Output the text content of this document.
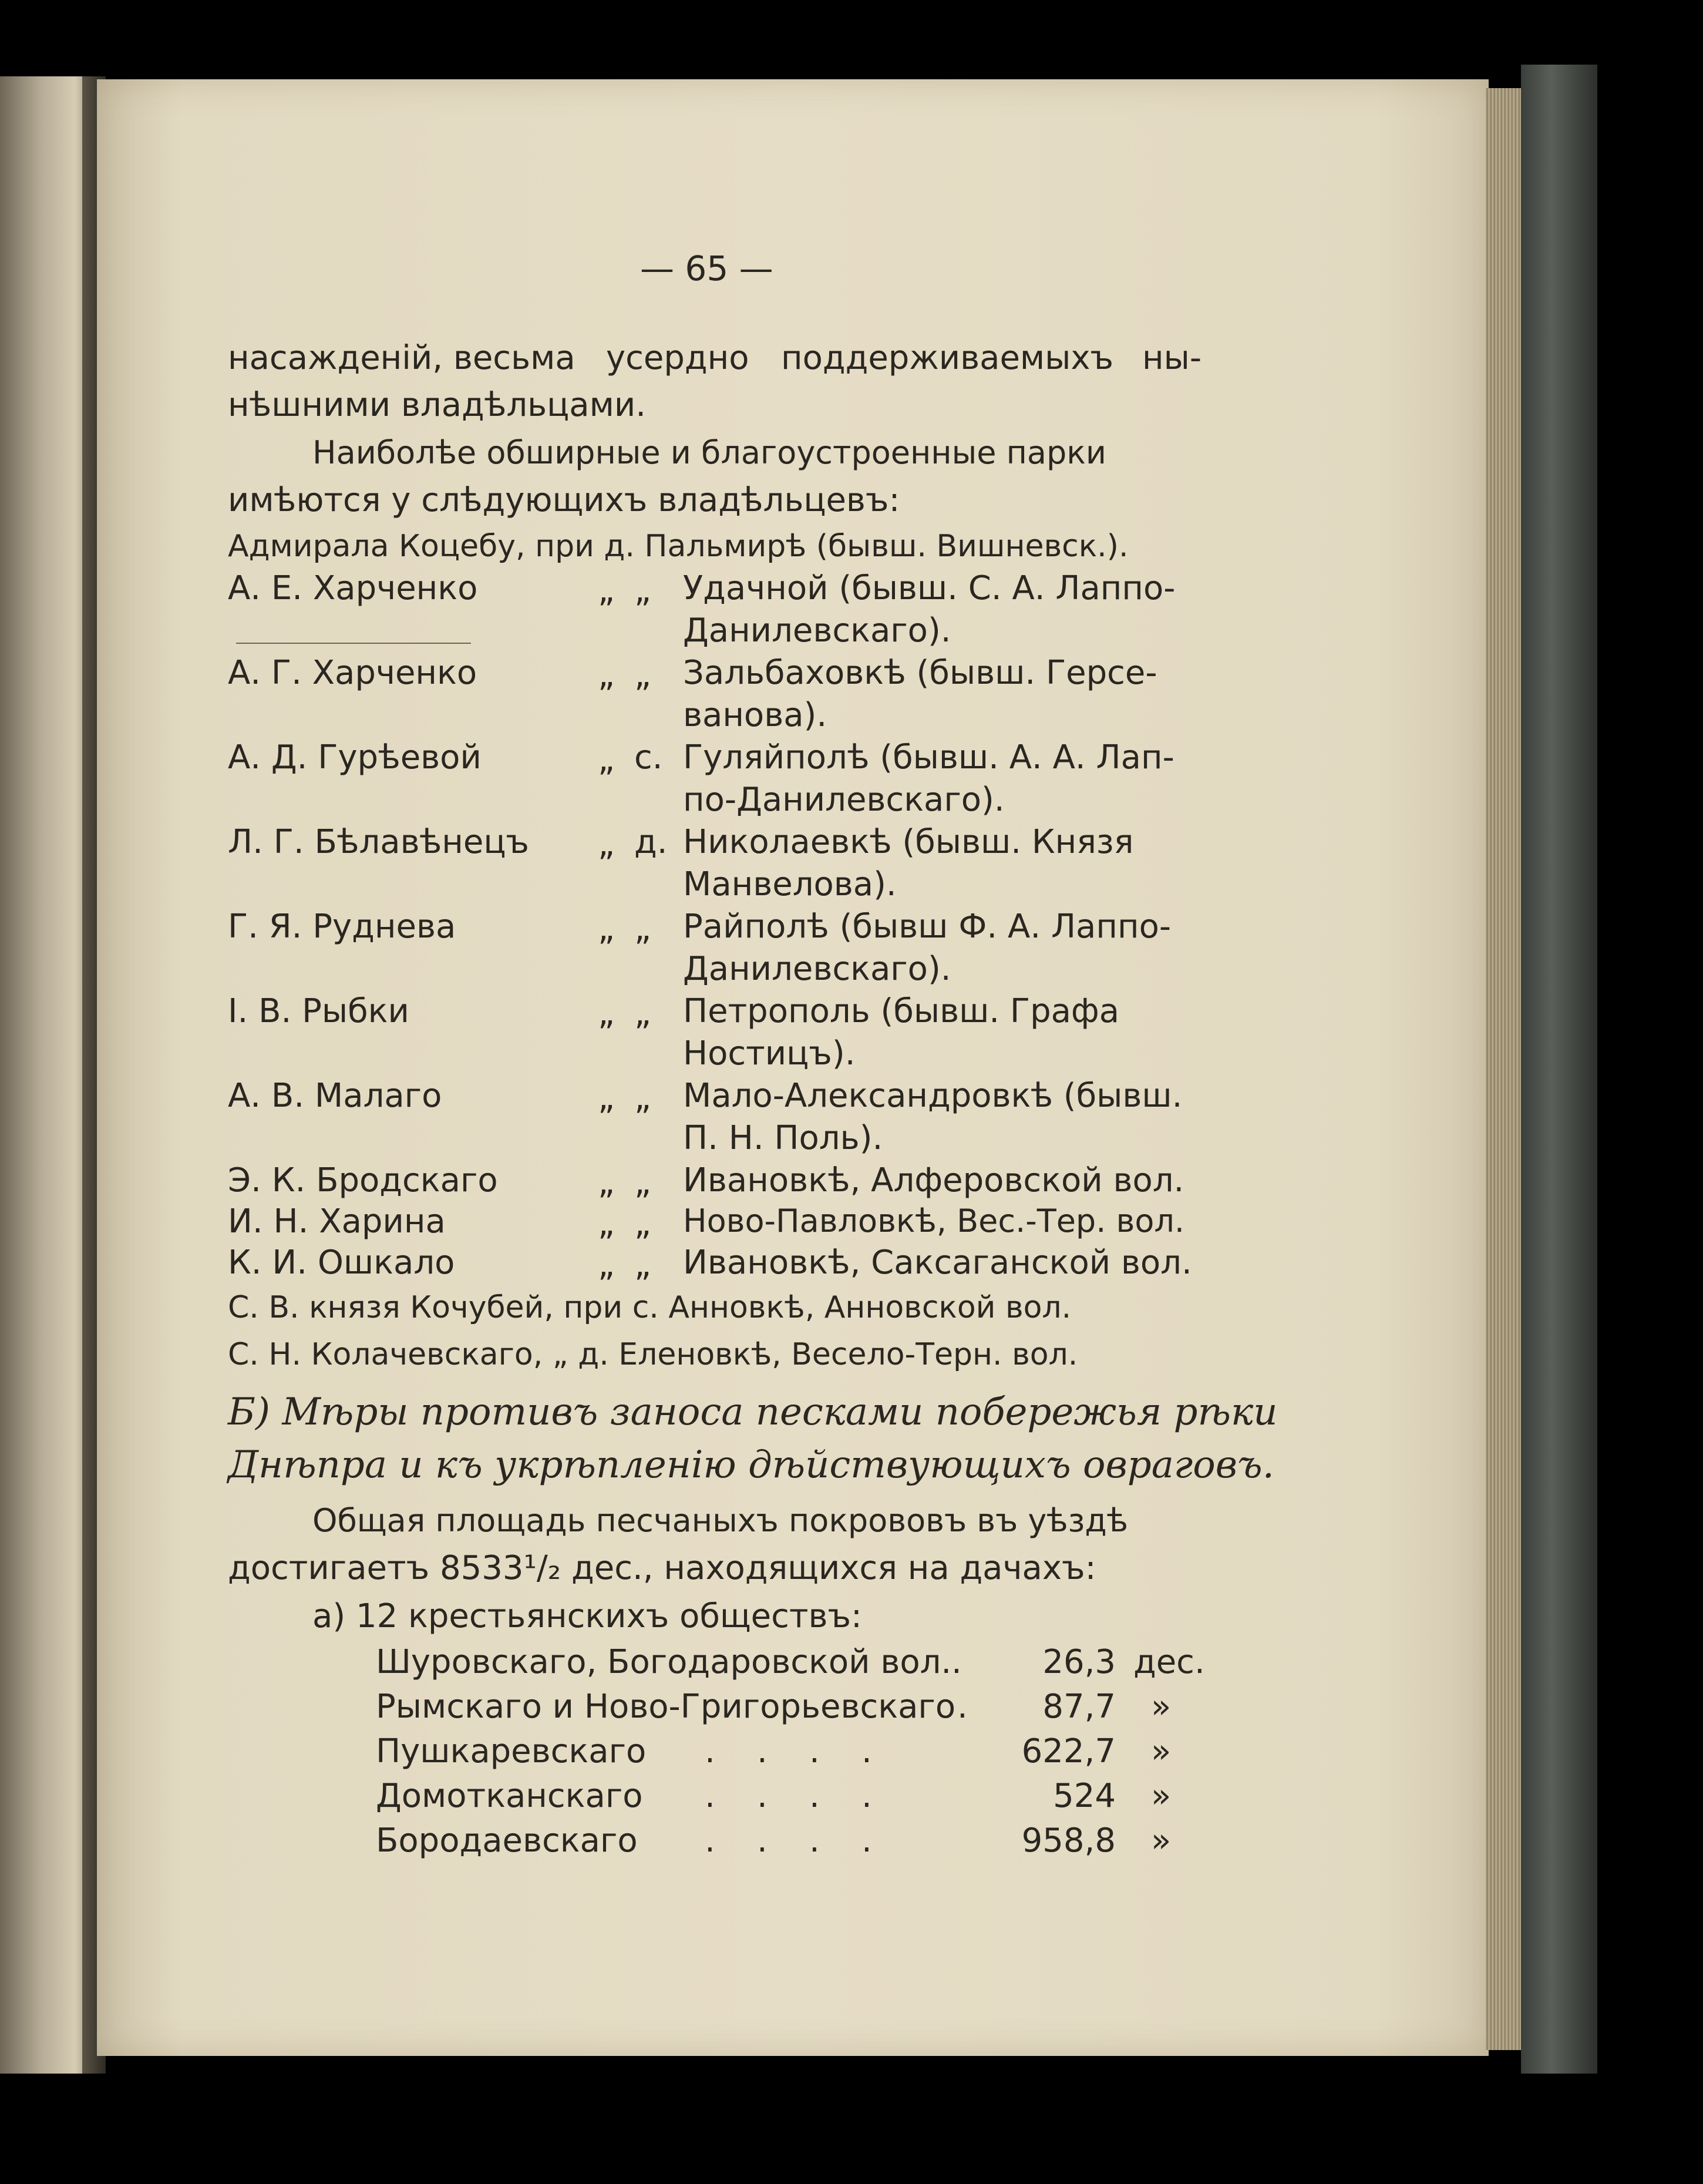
— 65 —
насажденій, весьма усердно поддерживаемыхъ ны-
нѣшними владѣльцами.
Наиболѣе обширные и благоустроенные парки
имѣются у слѣдующихъ владѣльцевъ:
Адмирала Коцебу, при д. Пальмирѣ (бывш. Вишневск.).
А. Е. Харченко	„ „ Удачной (бывш. С. А. Лаппо-
Данилевскаго).
А. Г. Харченко	„ „ Зальбаховкѣ (бывш. Герсе-
ванова).
А. Д. Гурѣевой	„ с. Гуляйполѣ (бывш. А. А. Лап-
по-Данилевскаго).
Л. Г. Бѣлавѣнецъ „ д. Николаевкѣ (бывш. Князя
Манвелова).
Г. Я. Руднева	„ „ Райполѣ (бывш Ф. А. Лаппо-
Данилевскаго).
I. В. Рыбки	„ „ Петрополь (бывш. Графа
Ностицъ).
А. В. Малаго	„ „ Мало-Александровкѣ (бывш.
П. Н. Поль).
Э. К. Бродскаго	„ „ Ивановкѣ, Алферовской вол.
И. Н. Харина	„ „ Ново-Павловкѣ, Вес.-Тер. вол.
К. И. Ошкало	„ „ Ивановкѣ, Саксаганской вол.
С. В. князя Кочубей, при с. Анновкѣ, Анновской вол.
С. Н. Колачевскаго, „ д. Еленовкѣ, Весело-Терн. вол.
Б) Мѣры противъ заноса песками побережья рѣки
Днѣпра и къ укрѣпленію дѣйствующихъ овраговъ.
Общая площадь песчаныхъ покрововъ въ уѣздѣ
достигаетъ 8533¹/₂ дес., находящихся на дачахъ:
а) 12 крестьянскихъ обществъ:
Шуровскаго, Богодаровской вол. .	26,3 дес.
Рымскаго и Ново-Григорьевскаго .	87,7 »
Пушкаревскаго .    .    .    .	622,7 »
Домотканскаго .    .    .    .	524 »
Бородаевскаго .    .    .    .	958,8 »
